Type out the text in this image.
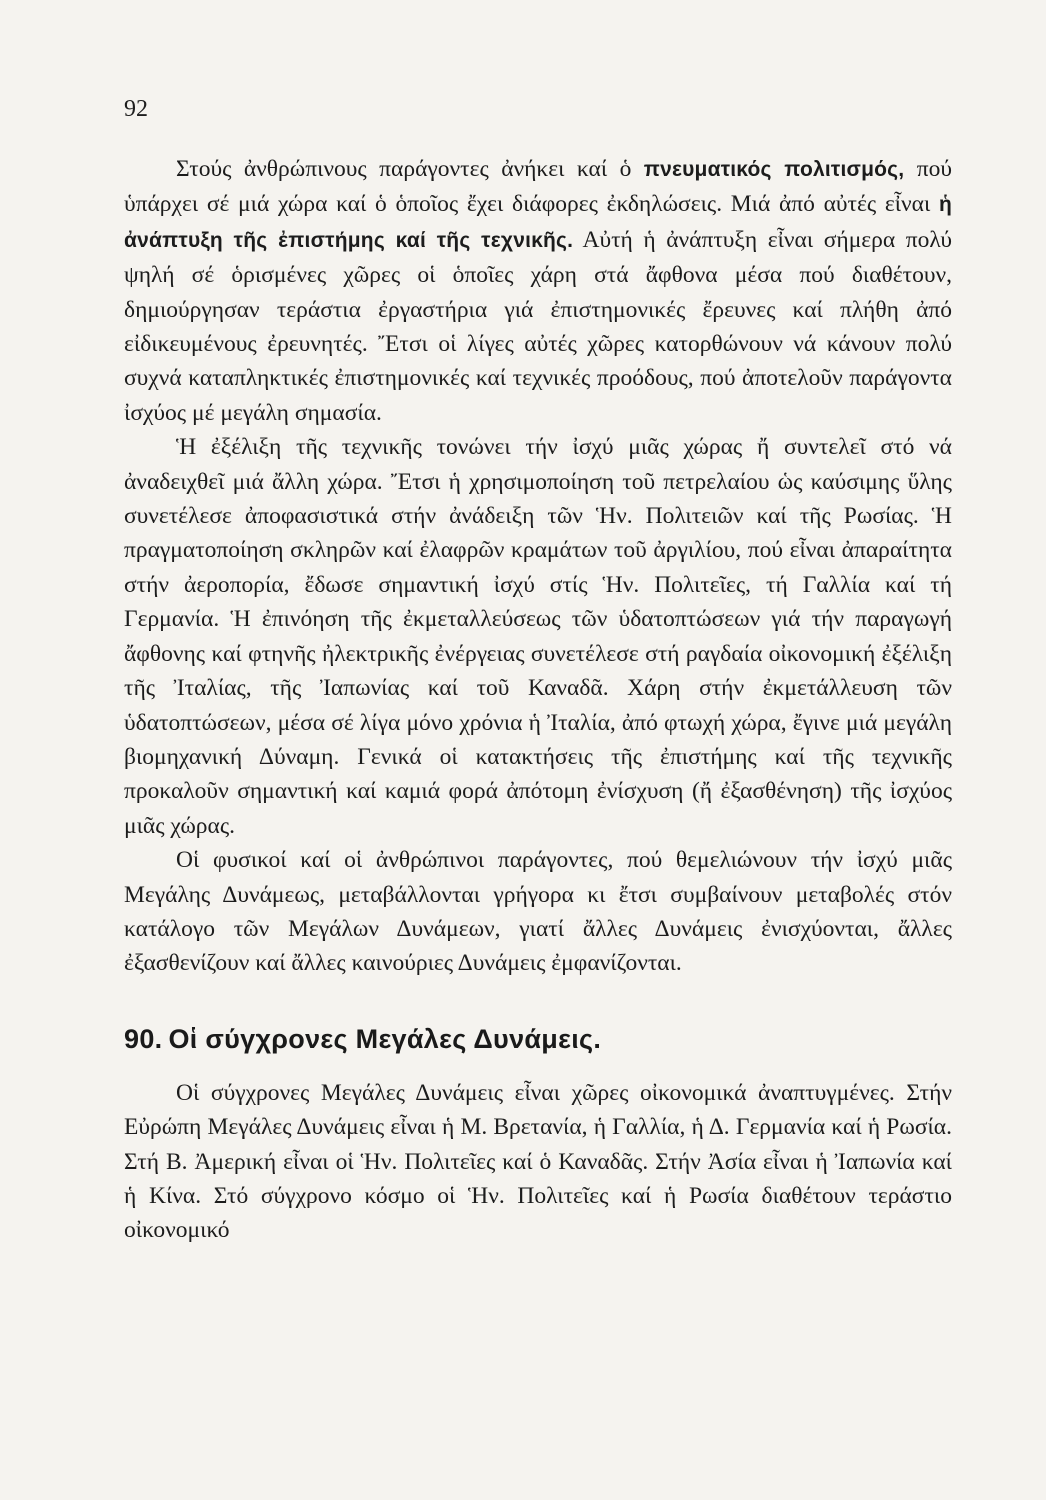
92

Στούς ἀνθρώπινους παράγοντες ἀνήκει καί ὁ πνευματικός πολιτισμός, πού ὑπάρχει σέ μιά χώρα καί ὁ ὁποῖος ἔχει διάφορες ἐκδηλώσεις. Μιά ἀπό αὐτές εἶναι ἡ ἀνάπτυξη τῆς ἐπιστήμης καί τῆς τεχνικῆς. Αὐτή ἡ ἀνάπτυξη εἶναι σήμερα πολύ ψηλή σέ ὁρισμένες χῶρες οἱ ὁποῖες χάρη στά ἄφθονα μέσα πού διαθέτουν, δημιούργησαν τεράστια ἐργαστήρια γιά ἐπιστημονικές ἔρευνες καί πλήθη ἀπό εἰδικευμένους ἐρευνητές. Ἔτσι οἱ λίγες αὐτές χῶρες κατορθώνουν νά κάνουν πολύ συχνά καταπληκτικές ἐπιστημονικές καί τεχνικές προόδους, πού ἀποτελοῦν παράγοντα ἰσχύος μέ μεγάλη σημασία.

Ἡ ἐξέλιξη τῆς τεχνικῆς τονώνει τήν ἰσχύ μιᾶς χώρας ἤ συντελεῖ στό νά ἀναδειχθεῖ μιά ἄλλη χώρα. Ἔτσι ἡ χρησιμοποίηση τοῦ πετρελαίου ὡς καύσιμης ὕλης συνετέλεσε ἀποφασιστικά στήν ἀνάδειξη τῶν Ἡν. Πολιτειῶν καί τῆς Ρωσίας. Ἡ πραγματοποίηση σκληρῶν καί ἐλαφρῶν κραμάτων τοῦ ἀργιλίου, πού εἶναι ἀπαραίτητα στήν ἀεροπορία, ἔδωσε σημαντική ἰσχύ στίς Ἡν. Πολιτεῖες, τή Γαλλία καί τή Γερμανία. Ἡ ἐπινόηση τῆς ἐκμεταλλεύσεως τῶν ὑδατοπτώσεων γιά τήν παραγωγή ἄφθονης καί φτηνῆς ἠλεκτρικῆς ἐνέργειας συνετέλεσε στή ραγδαία οἰκονομική ἐξέλιξη τῆς Ἰταλίας, τῆς Ἰαπωνίας καί τοῦ Καναδᾶ. Χάρη στήν ἐκμετάλλευση τῶν ὑδατοπτώσεων, μέσα σέ λίγα μόνο χρόνια ἡ Ἰταλία, ἀπό φτωχή χώρα, ἔγινε μιά μεγάλη βιομηχανική Δύναμη. Γενικά οἱ κατακτήσεις τῆς ἐπιστήμης καί τῆς τεχνικῆς προκαλοῦν σημαντική καί καμιά φορά ἀπότομη ἐνίσχυση (ἤ ἐξασθένηση) τῆς ἰσχύος μιᾶς χώρας.

Οἱ φυσικοί καί οἱ ἀνθρώπινοι παράγοντες, πού θεμελιώνουν τήν ἰσχύ μιᾶς Μεγάλης Δυνάμεως, μεταβάλλονται γρήγορα κι ἔτσι συμβαίνουν μεταβολές στόν κατάλογο τῶν Μεγάλων Δυνάμεων, γιατί ἄλλες Δυνάμεις ἐνισχύονται, ἄλλες ἐξασθενίζουν καί ἄλλες καινούριες Δυνάμεις ἐμφανίζονται.

90. Οἱ σύγχρονες Μεγάλες Δυνάμεις.

Οἱ σύγχρονες Μεγάλες Δυνάμεις εἶναι χῶρες οἰκονομικά ἀναπτυγμένες. Στήν Εὐρώπη Μεγάλες Δυνάμεις εἶναι ἡ Μ. Βρετανία, ἡ Γαλλία, ἡ Δ. Γερμανία καί ἡ Ρωσία. Στή Β. Ἀμερική εἶναι οἱ Ἡν. Πολιτεῖες καί ὁ Καναδᾶς. Στήν Ἀσία εἶναι ἡ Ἰαπωνία καί ἡ Κίνα. Στό σύγχρονο κόσμο οἱ Ἡν. Πολιτεῖες καί ἡ Ρωσία διαθέτουν τεράστιο οἰκονομικό
